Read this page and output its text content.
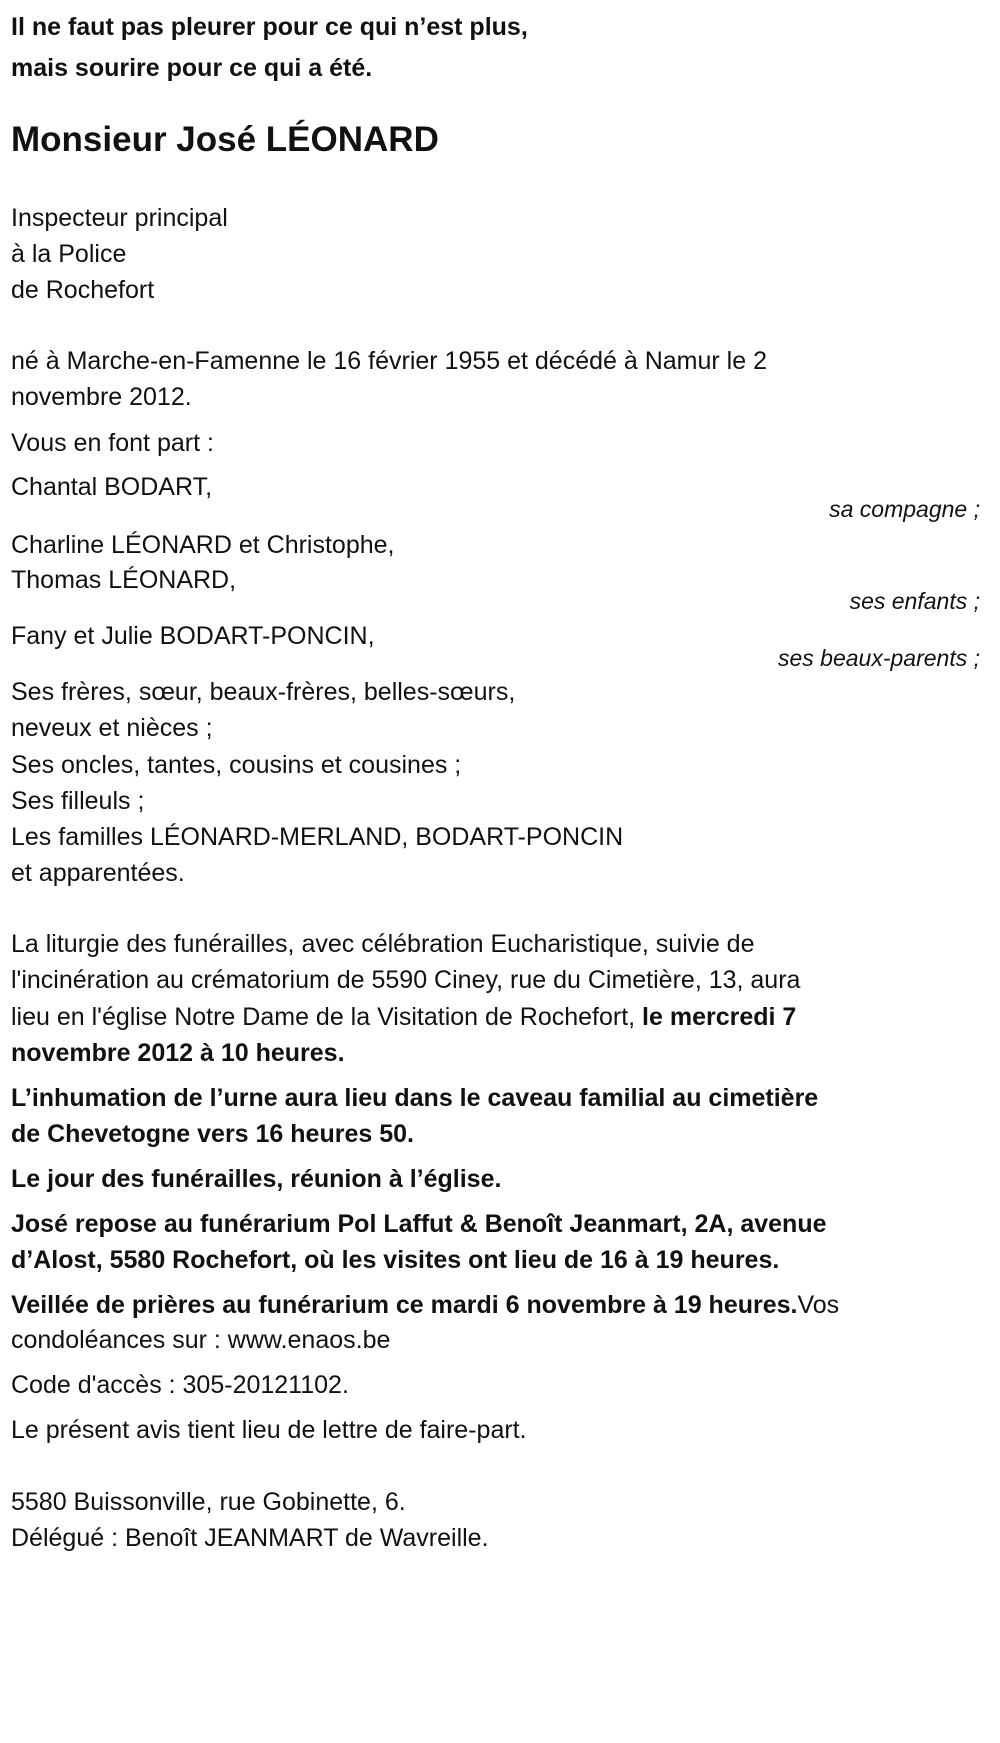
Il ne faut pas pleurer pour ce qui n’est plus,
mais sourire pour ce qui a été.
Monsieur José LÉONARD
Inspecteur principal
à la Police
de Rochefort
né à Marche-en-Famenne le 16 février 1955 et décédé à Namur le 2
novembre 2012.
Vous en font part :
Chantal BODART,
sa compagne ;
Charline LÉONARD et Christophe,
Thomas LÉONARD,
ses enfants ;
Fany et Julie BODART-PONCIN,
ses beaux-parents ;
Ses frères, sœur, beaux-frères, belles-sœurs,
neveux et nièces ;
Ses oncles, tantes, cousins et cousines ;
Ses filleuls ;
Les familles LÉONARD-MERLAND, BODART-PONCIN
et apparentées.
La liturgie des funérailles, avec célébration Eucharistique, suivie de
l'incinération au crématorium de 5590 Ciney, rue du Cimetière, 13, aura
lieu en l'église Notre Dame de la Visitation de Rochefort, le mercredi 7
novembre 2012 à 10 heures.
L’inhumation de l’urne aura lieu dans le caveau familial au cimetière
de Chevetogne vers 16 heures 50.
Le jour des funérailles, réunion à l’église.
José repose au funérarium Pol Laffut & Benoît Jeanmart, 2A, avenue
d’Alost, 5580 Rochefort, où les visites ont lieu de 16 à 19 heures.
Veillée de prières au funérarium ce mardi 6 novembre à 19 heures.Vos
condoléances sur : www.enaos.be
Code d'accès : 305-20121102.
Le présent avis tient lieu de lettre de faire-part.
5580 Buissonville, rue Gobinette, 6.
Délégué : Benoît JEANMART de Wavreille.
